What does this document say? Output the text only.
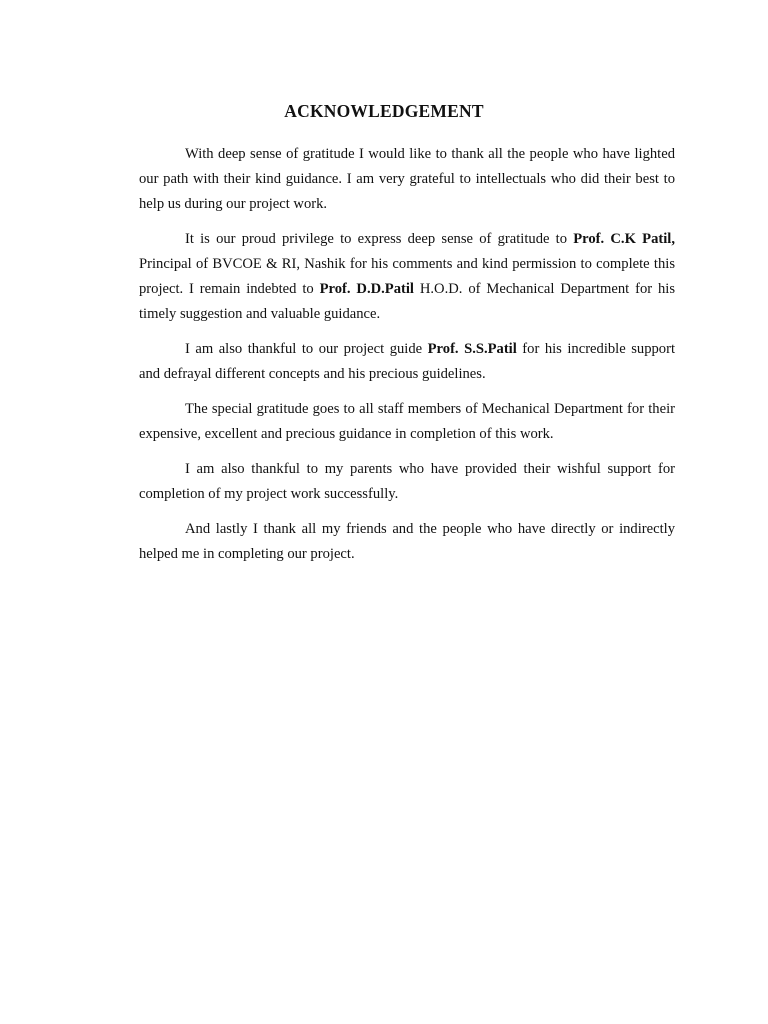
ACKNOWLEDGEMENT

With deep sense of gratitude I would like to thank all the people who have lighted our path with their kind guidance. I am very grateful to intellectuals who did their best to help us during our project work.

It is our proud privilege to express deep sense of gratitude to Prof. C.K Patil, Principal of BVCOE & RI, Nashik for his comments and kind permission to complete this project. I remain indebted to Prof. D.D.Patil H.O.D. of Mechanical Department for his timely suggestion and valuable guidance.

I am also thankful to our project guide Prof. S.S.Patil for his incredible support and defrayal different concepts and his precious guidelines.

The special gratitude goes to all staff members of Mechanical Department for their expensive, excellent and precious guidance in completion of this work.

I am also thankful to my parents who have provided their wishful support for completion of my project work successfully.

And lastly I thank all my friends and the people who have directly or indirectly helped me in completing our project.
